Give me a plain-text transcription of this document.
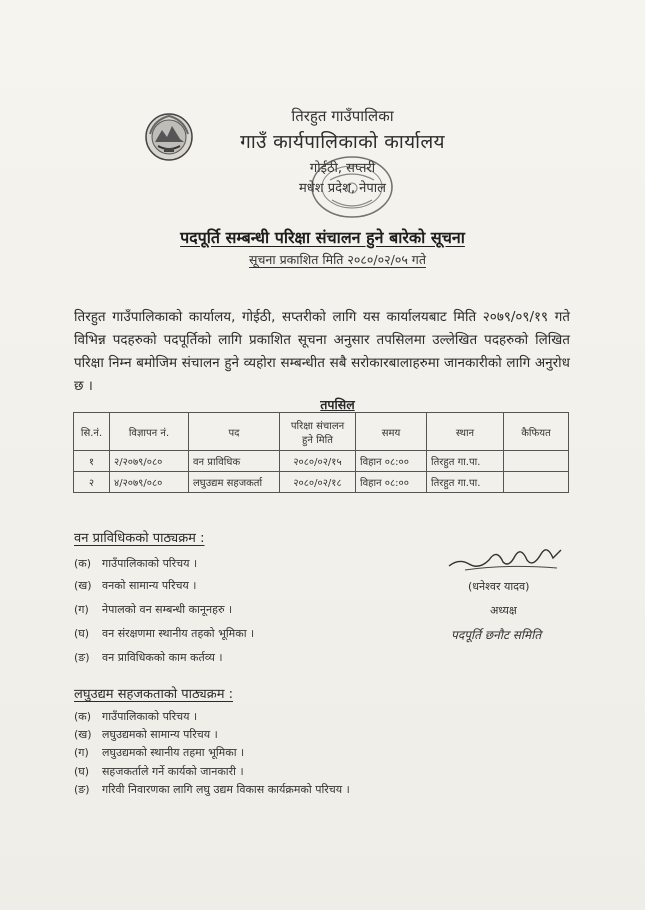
तिरहुत गाउँपालिका
गाउँ कार्यपालिकाको कार्यालय
गोईठी, सप्तरी
मधेश प्रदेश, नेपाल
पदपूर्ति सम्बन्धी परिक्षा संचालन हुने बारेको सूचना
सूचना प्रकाशित मिति २०८०/०२/०५ गते
तिरहुत गाउँपालिकाको कार्यालय, गोईठी, सप्तरीको लागि यस कार्यालयबाट मिति २०७९/०९/१९ गते विभिन्न पदहरुको पदपूर्तिको लागि प्रकाशित सूचना अनुसार तपसिलमा उल्लेखित पदहरुको लिखित परिक्षा निम्न बमोजिम संचालन हुने व्यहोरा सम्बन्धीत सबै सरोकारबालाहरुमा जानकारीको लागि अनुरोध छ ।
तपसिल
सि.नं.	विज्ञापन नं.	पद	परिक्षा संचालन हुने मिति	समय	स्थान	कैफियत
१	२/२०७९/०८०	वन प्राविधिक	२०८०/०२/१५	विहान ०८:००	तिरहुत गा.पा.	
२	४/२०७९/०८०	लघुउद्यम सहजकर्ता	२०८०/०२/१८	विहान ०८:००	तिरहुत गा.पा.	
वन प्राविधिकको पाठ्यक्रम :
(क) गाउँपालिकाको परिचय ।
(ख) वनको सामान्य परिचय ।
(ग) नेपालको वन सम्बन्धी कानूनहरु ।
(घ) वन संरक्षणमा स्थानीय तहको भूमिका ।
(ङ) वन प्राविधिकको काम कर्तव्य ।
(धनेश्वर यादव)
अध्यक्ष
पदपूर्ति छनौट समिति
लघुउद्यम सहजकताको पाठ्यक्रम :
(क) गाउँपालिकाको परिचय ।
(ख) लघुउद्यमको सामान्य परिचय ।
(ग) लघुउद्यमको स्थानीय तहमा भूमिका ।
(घ) सहजकर्ताले गर्ने कार्यको जानकारी ।
(ङ) गरिवी निवारणका लागि लघु उद्यम विकास कार्यक्रमको परिचय ।
